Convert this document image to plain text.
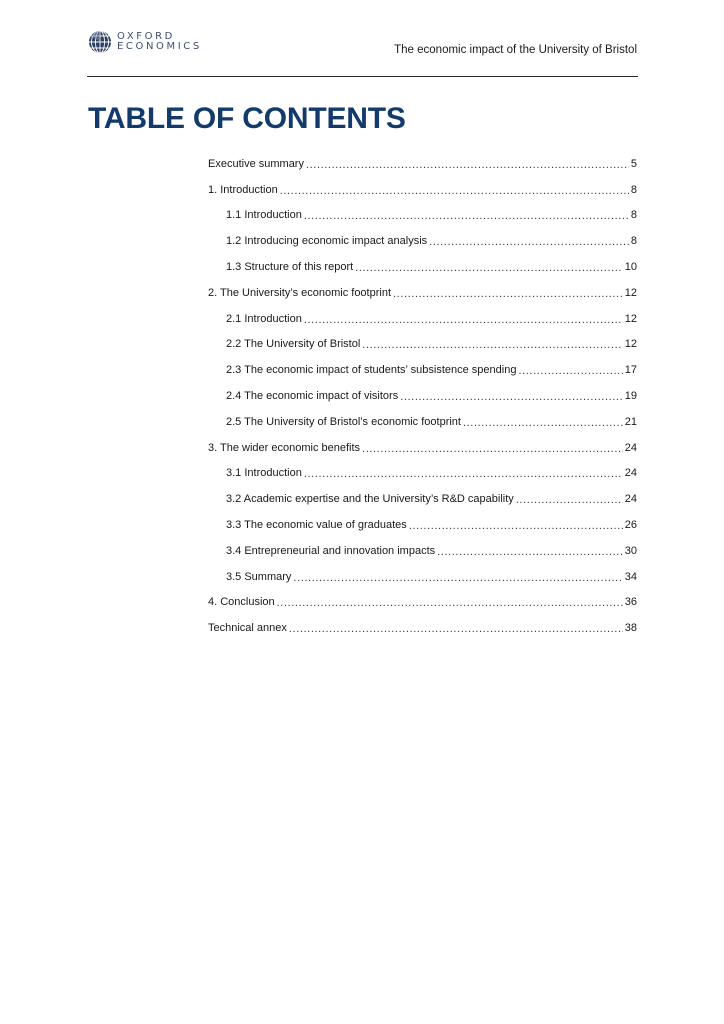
OXFORD
ECONOMICS	The economic impact of the University of Bristol
TABLE OF CONTENTS
Executive summary .....	5
1. Introduction .....	8
1.1 Introduction .....	8
1.2 Introducing economic impact analysis .....	8
1.3 Structure of this report .....	10
2. The University’s economic footprint .....	12
2.1 Introduction .....	12
2.2 The University of Bristol .....	12
2.3 The economic impact of students’ subsistence spending .....	17
2.4 The economic impact of visitors .....	19
2.5 The University of Bristol’s economic footprint .....	21
3. The wider economic benefits .....	24
3.1 Introduction .....	24
3.2 Academic expertise and the University’s R&D capability .....	24
3.3 The economic value of graduates .....	26
3.4 Entrepreneurial and innovation impacts .....	30
3.5 Summary .....	34
4. Conclusion .....	36
Technical annex .....	38
